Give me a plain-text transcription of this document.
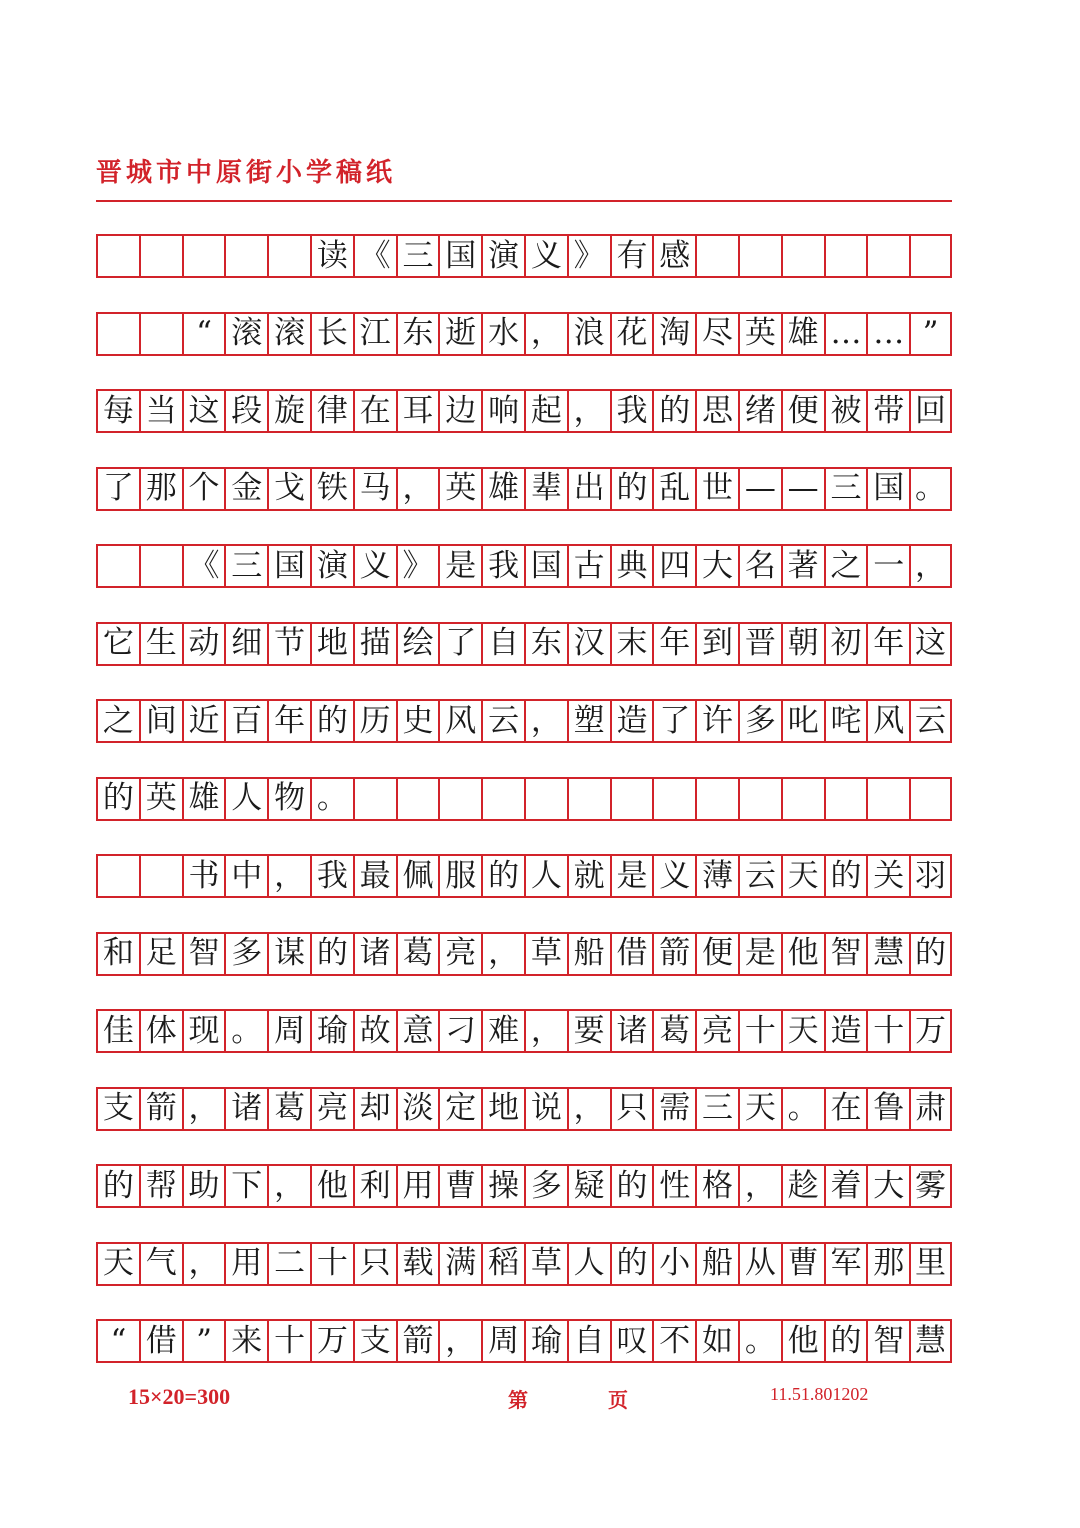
晋城市中原街小学稿纸
读 《 三 国 演 义 》 有 感
“ 滚 滚 长 江 东 逝 水 ， 浪 花 淘 尽 英 雄 … … ”
每 当 这 段 旋 律 在 耳 边 响 起 ， 我 的 思 绪 便 被 带 回
了 那 个 金 戈 铁 马 ， 英 雄 辈 出 的 乱 世 — — 三 国 。
《 三 国 演 义 》 是 我 国 古 典 四 大 名 著 之 一 ，
它 生 动 细 节 地 描 绘 了 自 东 汉 末 年 到 晋 朝 初 年 这
之 间 近 百 年 的 历 史 风 云 ， 塑 造 了 许 多 叱 咤 风 云
的 英 雄 人 物 。
书 中 ， 我 最 佩 服 的 人 就 是 义 薄 云 天 的 关 羽
和 足 智 多 谋 的 诸 葛 亮 ， 草 船 借 箭 便 是 他 智 慧 的
佳 体 现 。 周 瑜 故 意 刁 难 ， 要 诸 葛 亮 十 天 造 十 万
支 箭 ， 诸 葛 亮 却 淡 定 地 说 ， 只 需 三 天 。 在 鲁 肃
的 帮 助 下 ， 他 利 用 曹 操 多 疑 的 性 格 ， 趁 着 大 雾
天 气 ， 用 二 十 只 载 满 稻 草 人 的 小 船 从 曹 军 那 里
“ 借 ” 来 十 万 支 箭 ， 周 瑜 自 叹 不 如 。 他 的 智 慧
15×20=300	第	页	11.51.801202
